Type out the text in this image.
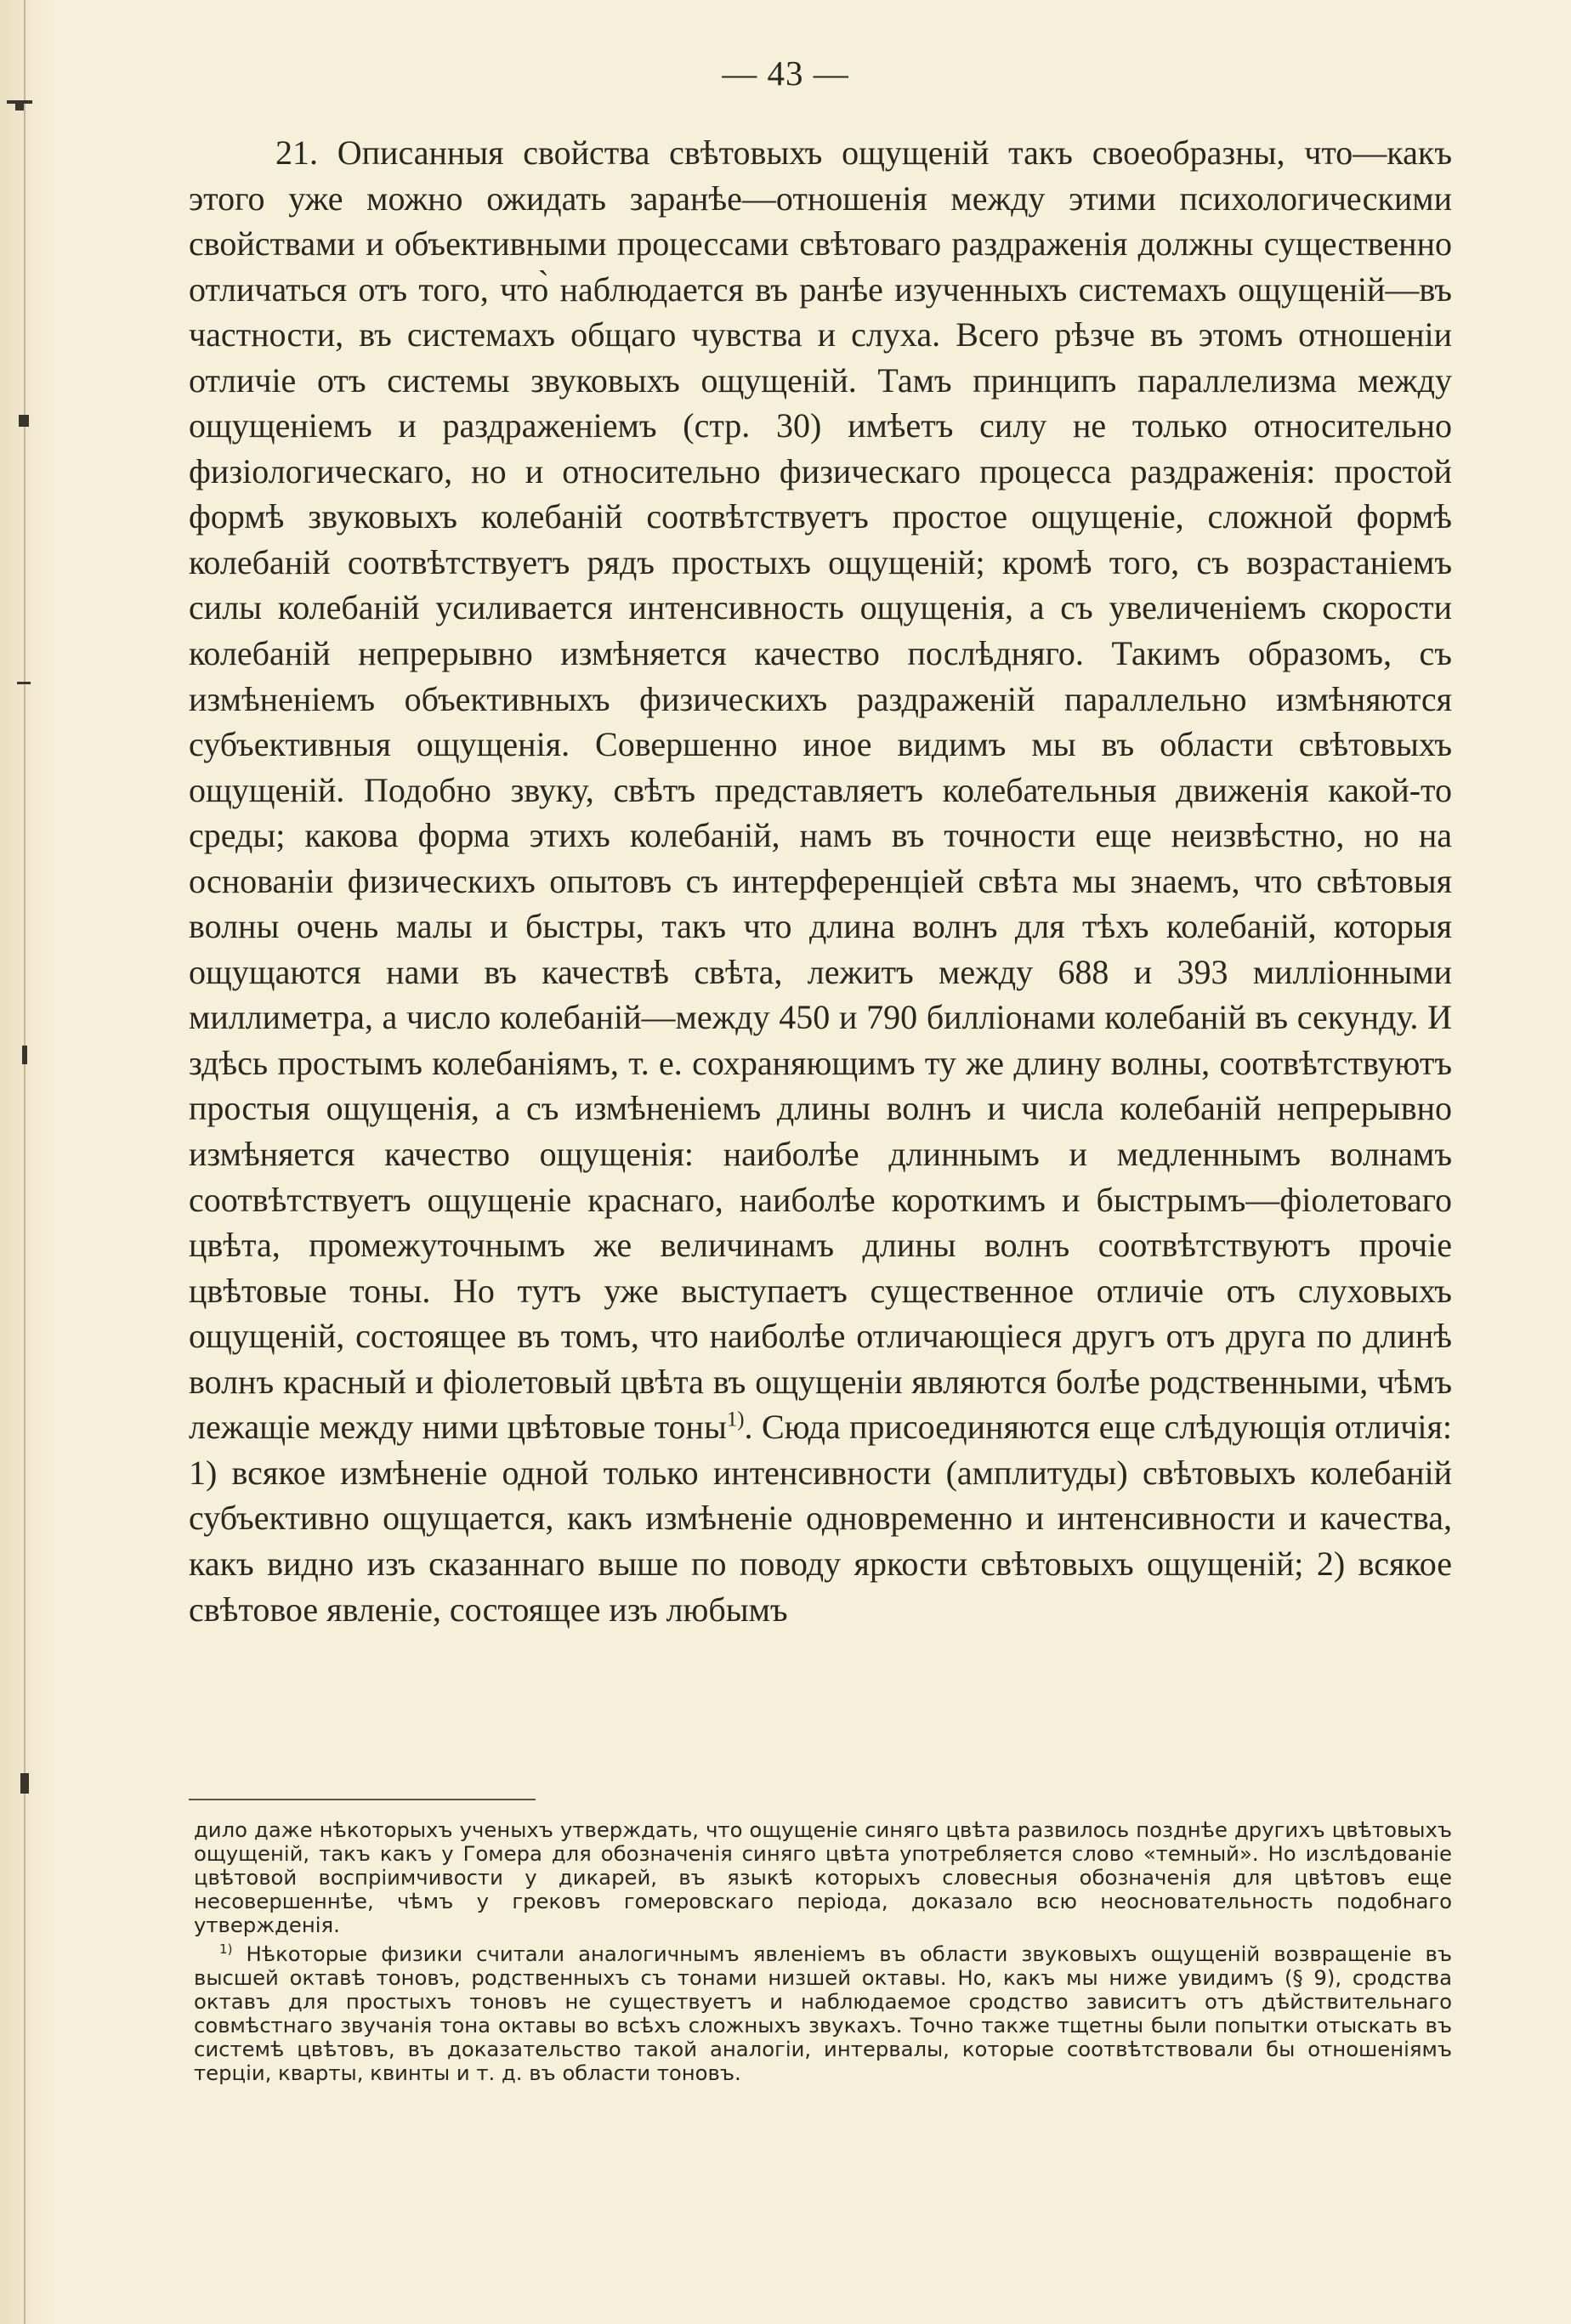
— 43 —

21. Описанныя свойства свѣтовыхъ ощущеній такъ своеобразны, что—какъ этого уже можно ожидать заранѣе—отношенія между этими психологическими свойствами и объективными процессами свѣтоваго раздраженія должны существенно отличаться отъ того, что̀ наблюдается въ ранѣе изученныхъ системахъ ощущеній—въ частности, въ системахъ общаго чувства и слуха. Всего рѣзче въ этомъ отношеніи отличіе отъ системы звуковыхъ ощущеній. Тамъ принципъ параллелизма между ощущеніемъ и раздраженіемъ (стр. 30) имѣетъ силу не только относительно физіологическаго, но и относительно физическаго процесса раздраженія: простой формѣ звуковыхъ колебаній соотвѣтствуетъ простое ощущеніе, сложной формѣ колебаній соотвѣтствуетъ рядъ простыхъ ощущеній; кромѣ того, съ возрастаніемъ силы колебаній усиливается интенсивность ощущенія, а съ увеличеніемъ скорости колебаній непрерывно измѣняется качество послѣдняго. Такимъ образомъ, съ измѣненіемъ объективныхъ физическихъ раздраженій параллельно измѣняются субъективныя ощущенія. Совершенно иное видимъ мы въ области свѣтовыхъ ощущеній. Подобно звуку, свѣтъ представляетъ колебательныя движенія какой-то среды; какова форма этихъ колебаній, намъ въ точности еще неизвѣстно, но на основаніи физическихъ опытовъ съ интерференціей свѣта мы знаемъ, что свѣтовыя волны очень малы и быстры, такъ что длина волнъ для тѣхъ колебаній, которыя ощущаются нами въ качествѣ свѣта, лежитъ между 688 и 393 милліонными миллиметра, а число колебаній—между 450 и 790 билліонами колебаній въ секунду. И здѣсь простымъ колебаніямъ, т. е. сохраняющимъ ту же длину волны, соотвѣтствуютъ простыя ощущенія, а съ измѣненіемъ длины волнъ и числа колебаній непрерывно измѣняется качество ощущенія: наиболѣе длиннымъ и медленнымъ волнамъ соотвѣтствуетъ ощущеніе краснаго, наиболѣе короткимъ и быстрымъ—фіолетоваго цвѣта, промежуточнымъ же величинамъ длины волнъ соотвѣтствуютъ прочіе цвѣтовые тоны. Но тутъ уже выступаетъ существенное отличіе отъ слуховыхъ ощущеній, состоящее въ томъ, что наиболѣе отличающіеся другъ отъ друга по длинѣ волнъ красный и фіолетовый цвѣта въ ощущеніи являются болѣе родственными, чѣмъ лежащіе между ними цвѣтовые тоны$^{1)}$. Сюда присоединяются еще слѣдующія отличія: 1) всякое измѣненіе одной только интенсивности (амплитуды) свѣтовыхъ колебаній субъективно ощущается, какъ измѣненіе одновременно и интенсивности и качества, какъ видно изъ сказаннаго выше по поводу яркости свѣтовыхъ ощущеній; 2) всякое свѣтовое явленіе, состоящее изъ любымъ

дило даже нѣкоторыхъ ученыхъ утверждать, что ощущеніе синяго цвѣта развилось позднѣе другихъ цвѣтовыхъ ощущеній, такъ какъ у Гомера для обозначенія синяго цвѣта употребляется слово «темный». Но изслѣдованіе цвѣтовой воспріимчивости у дикарей, въ языкѣ которыхъ словесныя обозначенія для цвѣтовъ еще несовершеннѣе, чѣмъ у грековъ гомеровскаго періода, доказало всю неосновательность подобнаго утвержденія.

$^{1)}$ Нѣкоторые физики считали аналогичнымъ явленіемъ въ области звуковыхъ ощущеній возвращеніе въ высшей октавѣ тоновъ, родственныхъ съ тонами низшей октавы. Но, какъ мы ниже увидимъ (§ 9), сродства октавъ для простыхъ тоновъ не существуетъ и наблюдаемое сродство зависитъ отъ дѣйствительнаго совмѣстнаго звучанія тона октавы во всѣхъ сложныхъ звукахъ. Точно также тщетны были попытки отыскать въ системѣ цвѣтовъ, въ доказательство такой аналогіи, интервалы, которые соотвѣтствовали бы отношеніямъ терціи, кварты, квинты и т. д. въ области тоновъ.
